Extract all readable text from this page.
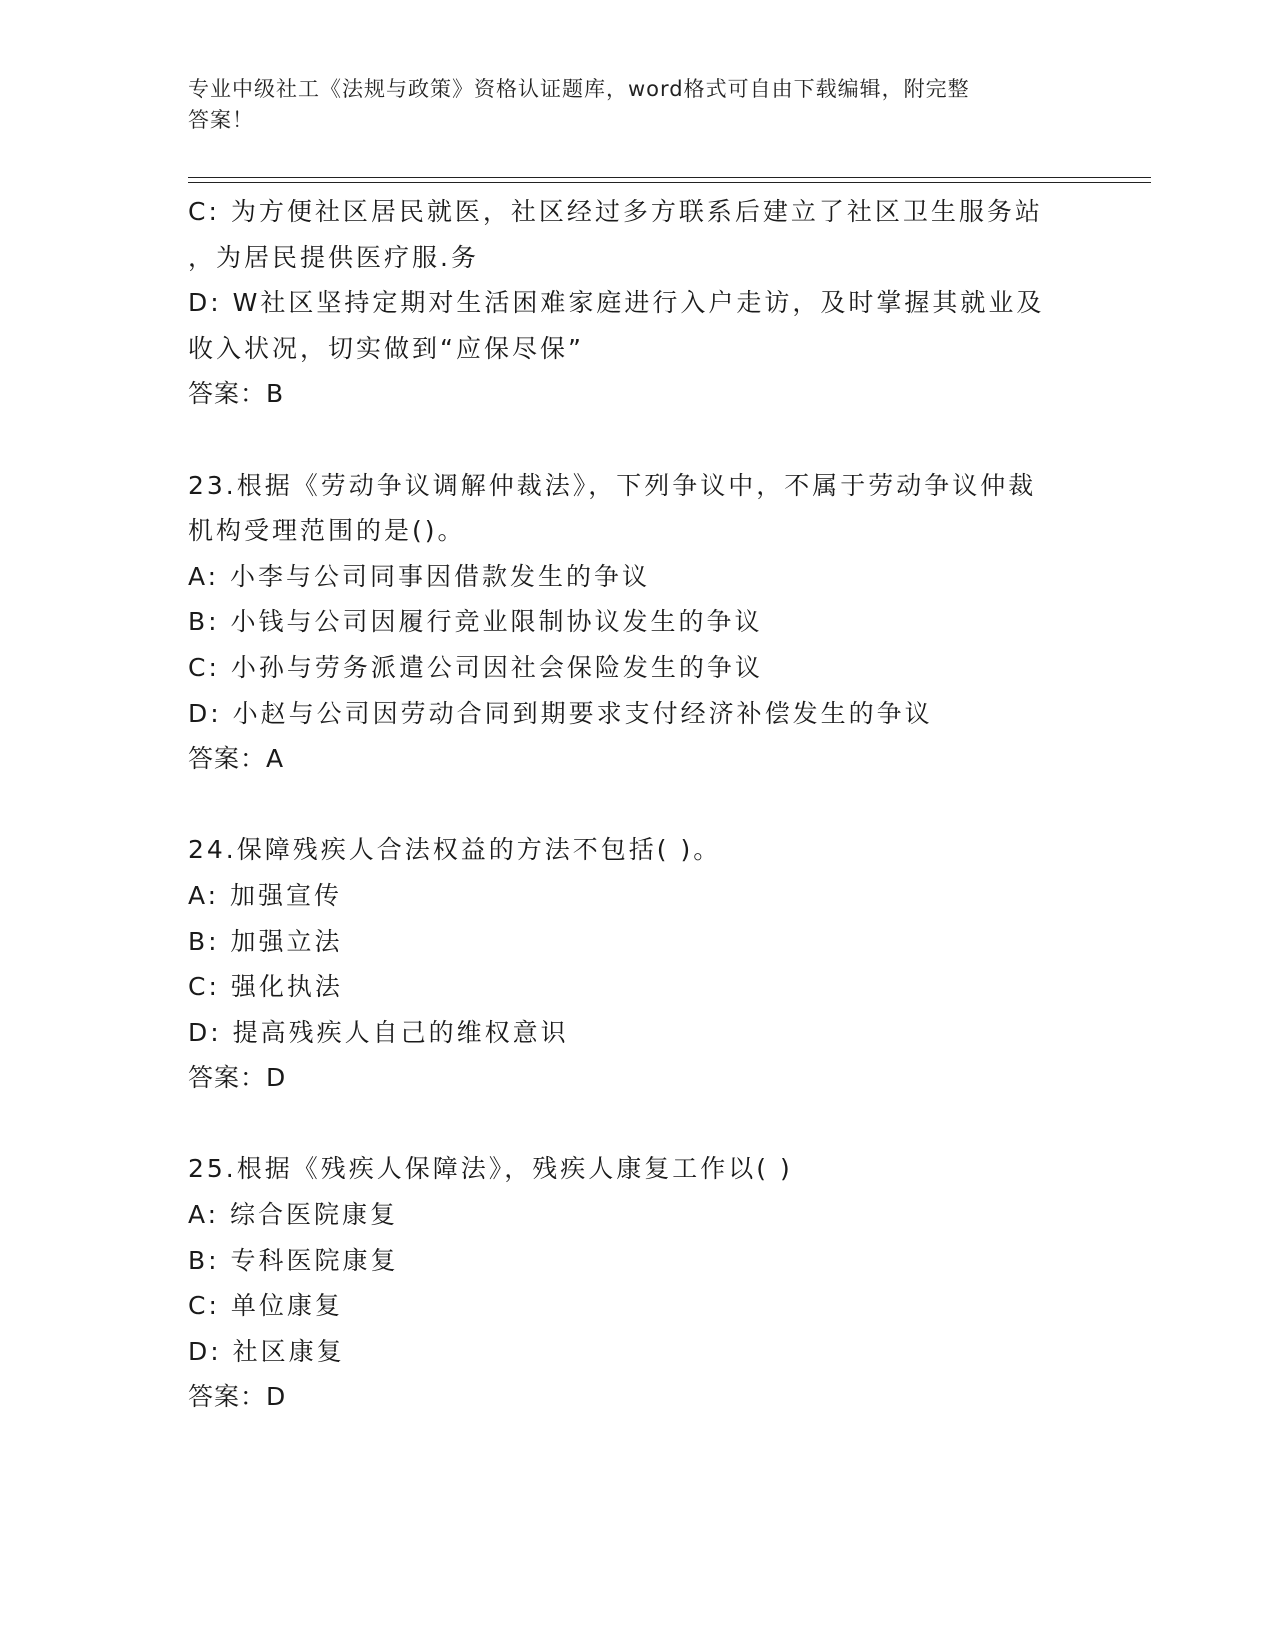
专业中级社工《法规与政策》资格认证题库，word格式可自由下载编辑，附完整
答案！
C: 为方便社区居民就医，社区经过多方联系后建立了社区卫生服务站
，为居民提供医疗服.务
D: W社区坚持定期对生活困难家庭进行入户走访，及时掌握其就业及
收入状况，切实做到“应保尽保”
答案：B
23.根据《劳动争议调解仲裁法》，下列争议中，不属于劳动争议仲裁
机构受理范围的是()。
A: 小李与公司同事因借款发生的争议
B: 小钱与公司因履行竞业限制协议发生的争议
C: 小孙与劳务派遣公司因社会保险发生的争议
D: 小赵与公司因劳动合同到期要求支付经济补偿发生的争议
答案：A
24.保障残疾人合法权益的方法不包括( )。
A: 加强宣传
B: 加强立法
C: 强化执法
D: 提高残疾人自己的维权意识
答案：D
25.根据《残疾人保障法》，残疾人康复工作以( )
A: 综合医院康复
B: 专科医院康复
C: 单位康复
D: 社区康复
答案：D
